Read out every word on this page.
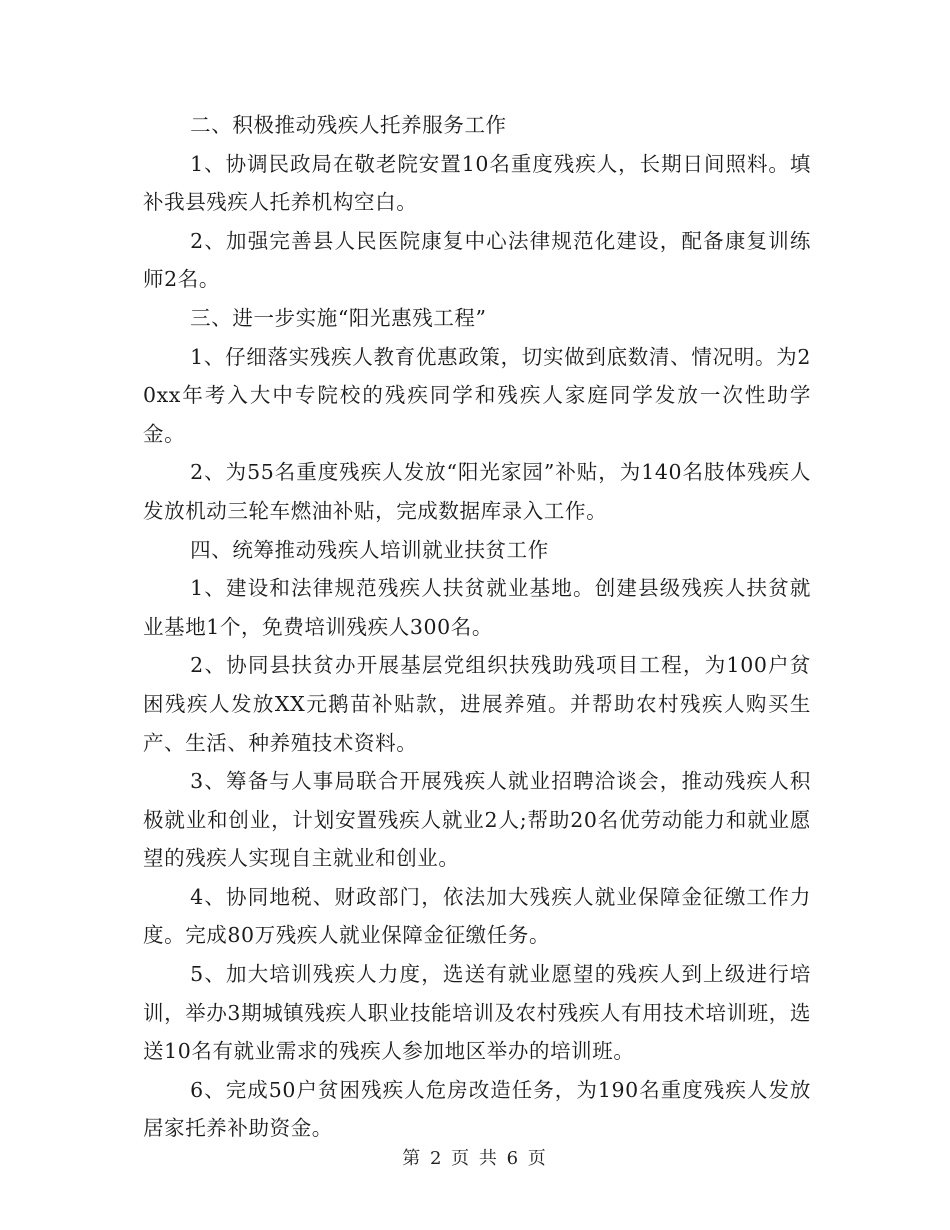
二、积极推动残疾人托养服务工作

1、协调民政局在敬老院安置10名重度残疾人，长期日间照料。填补我县残疾人托养机构空白。

2、加强完善县人民医院康复中心法律规范化建设，配备康复训练师2名。

三、进一步实施“阳光惠残工程”

1、仔细落实残疾人教育优惠政策，切实做到底数清、情况明。为20xx年考入大中专院校的残疾同学和残疾人家庭同学发放一次性助学金。

2、为55名重度残疾人发放“阳光家园”补贴，为140名肢体残疾人发放机动三轮车燃油补贴，完成数据库录入工作。

四、统筹推动残疾人培训就业扶贫工作

1、建设和法律规范残疾人扶贫就业基地。创建县级残疾人扶贫就业基地1个，免费培训残疾人300名。

2、协同县扶贫办开展基层党组织扶残助残项目工程，为100户贫困残疾人发放XX元鹅苗补贴款，进展养殖。并帮助农村残疾人购买生产、生活、种养殖技术资料。

3、筹备与人事局联合开展残疾人就业招聘洽谈会，推动残疾人积极就业和创业，计划安置残疾人就业2人;帮助20名优劳动能力和就业愿望的残疾人实现自主就业和创业。

4、协同地税、财政部门，依法加大残疾人就业保障金征缴工作力度。完成80万残疾人就业保障金征缴任务。

5、加大培训残疾人力度，选送有就业愿望的残疾人到上级进行培训，举办3期城镇残疾人职业技能培训及农村残疾人有用技术培训班，选送10名有就业需求的残疾人参加地区举办的培训班。

6、完成50户贫困残疾人危房改造任务，为190名重度残疾人发放居家托养补助资金。

第 2 页 共 6 页
